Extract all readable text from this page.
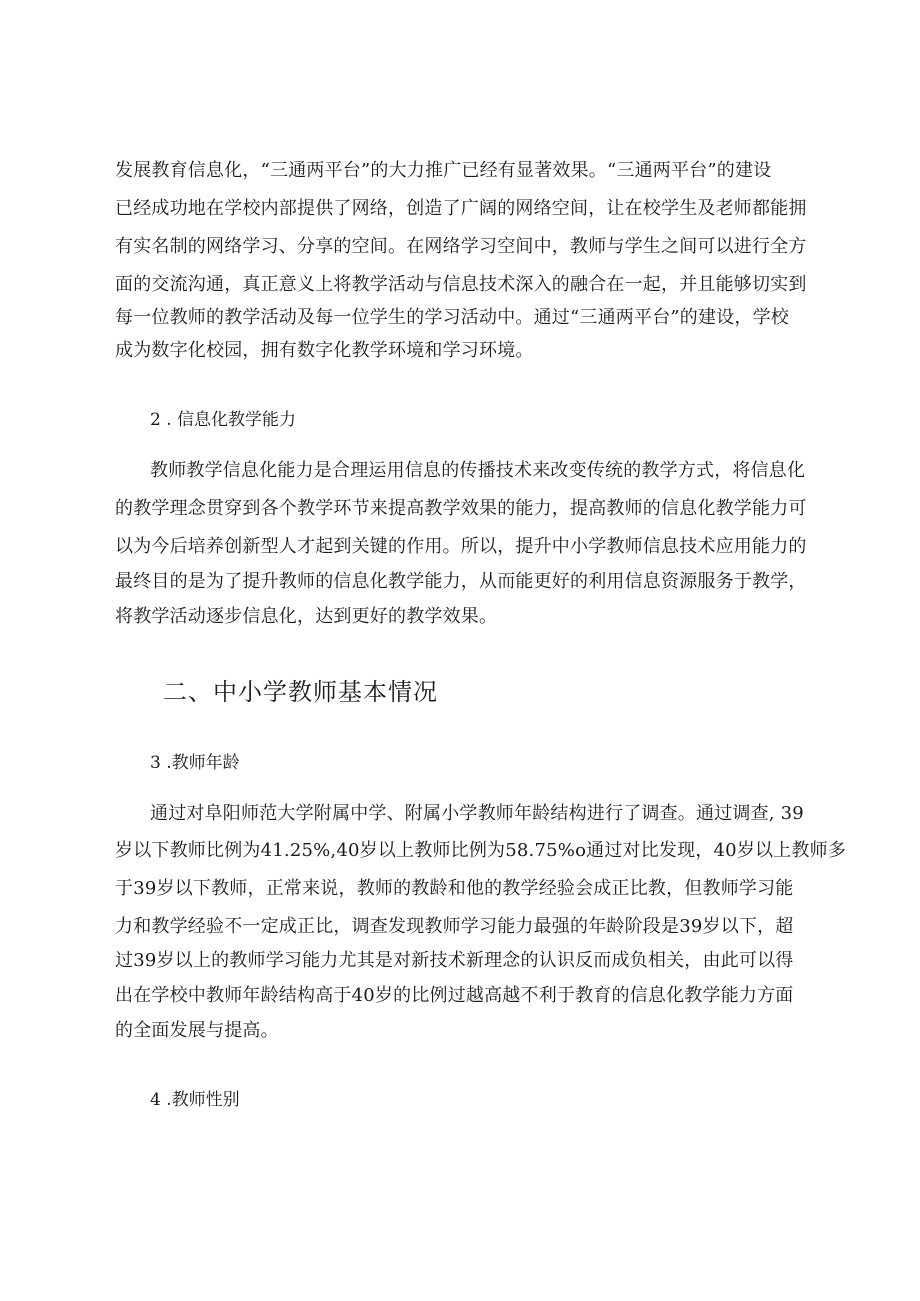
发展教育信息化，“三通两平台”的大力推广已经有显著效果。“三通两平台”的建设
已经成功地在学校内部提供了网络，创造了广阔的网络空间，让在校学生及老师都能拥
有实名制的网络学习、分享的空间。在网络学习空间中，教师与学生之间可以进行全方
面的交流沟通，真正意义上将教学活动与信息技术深入的融合在一起，并且能够切实到
每一位教师的教学活动及每一位学生的学习活动中。通过“三通两平台”的建设，学校
成为数字化校园，拥有数字化教学环境和学习环境。
2 . 信息化教学能力
教师教学信息化能力是合理运用信息的传播技术来改变传统的教学方式，将信息化
的教学理念贯穿到各个教学环节来提高教学效果的能力，提高教师的信息化教学能力可
以为今后培养创新型人才起到关键的作用。所以，提升中小学教师信息技术应用能力的
最终目的是为了提升教师的信息化教学能力，从而能更好的利用信息资源服务于教学，
将教学活动逐步信息化，达到更好的教学效果。
二、中小学教师基本情况
3 .教师年龄
通过对阜阳师范大学附属中学、附属小学教师年龄结构进行了调查。通过调查, 39
岁以下教师比例为41.25%,40岁以上教师比例为58.75%o通过对比发现，40岁以上教师多
于39岁以下教师，正常来说，教师的教龄和他的教学经验会成正比教，但教师学习能
力和教学经验不一定成正比，调查发现教师学习能力最强的年龄阶段是39岁以下，超
过39岁以上的教师学习能力尤其是对新技术新理念的认识反而成负相关，由此可以得
出在学校中教师年龄结构高于40岁的比例过越高越不利于教育的信息化教学能力方面
的全面发展与提高。
4 .教师性别
